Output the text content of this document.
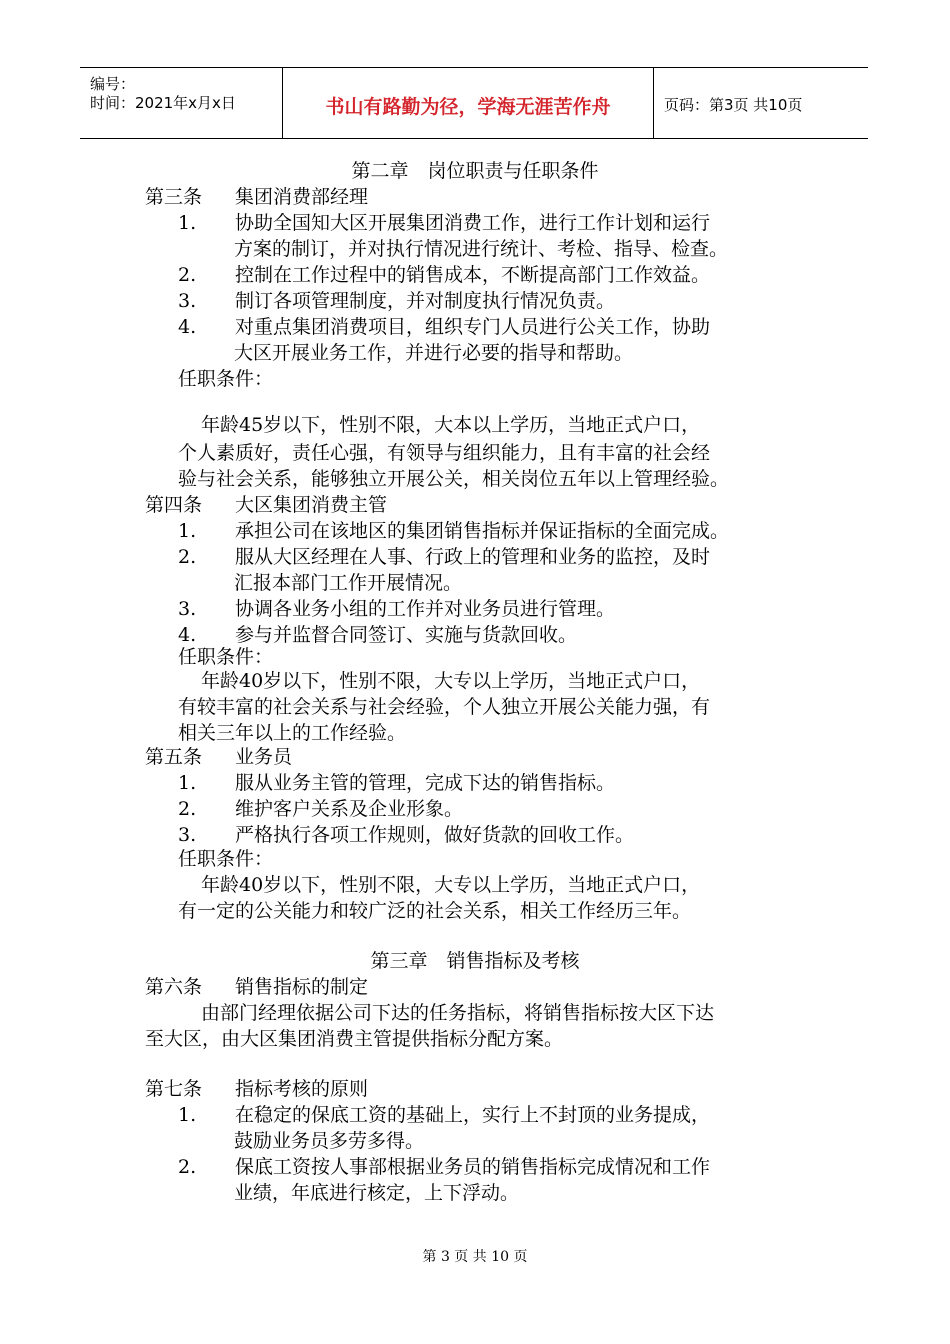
编号：
时间：2021年x月x日	书山有路勤为径，学海无涯苦作舟	页码：第3页 共10页
第二章　岗位职责与任职条件
第三条 集团消费部经理
1. 协助全国知大区开展集团消费工作，进行工作计划和运行
方案的制订，并对执行情况进行统计、考检、指导、检查。
2. 控制在工作过程中的销售成本，不断提高部门工作效益。
3. 制订各项管理制度，并对制度执行情况负责。
4. 对重点集团消费项目，组织专门人员进行公关工作，协助
大区开展业务工作，并进行必要的指导和帮助。
任职条件：
年龄45岁以下，性别不限，大本以上学历，当地正式户口，
个人素质好，责任心强，有领导与组织能力，且有丰富的社会经
验与社会关系，能够独立开展公关，相关岗位五年以上管理经验。
第四条 大区集团消费主管
1. 承担公司在该地区的集团销售指标并保证指标的全面完成。
2. 服从大区经理在人事、行政上的管理和业务的监控，及时
汇报本部门工作开展情况。
3. 协调各业务小组的工作并对业务员进行管理。
4. 参与并监督合同签订、实施与货款回收。
任职条件：
年龄40岁以下，性别不限，大专以上学历，当地正式户口，
有较丰富的社会关系与社会经验，个人独立开展公关能力强，有
相关三年以上的工作经验。
第五条 业务员
1. 服从业务主管的管理，完成下达的销售指标。
2. 维护客户关系及企业形象。
3. 严格执行各项工作规则，做好货款的回收工作。
任职条件：
年龄40岁以下，性别不限，大专以上学历，当地正式户口，
有一定的公关能力和较广泛的社会关系，相关工作经历三年。
第三章　销售指标及考核
第六条 销售指标的制定
由部门经理依据公司下达的任务指标，将销售指标按大区下达
至大区，由大区集团消费主管提供指标分配方案。
第七条 指标考核的原则
1. 在稳定的保底工资的基础上，实行上不封顶的业务提成，
鼓励业务员多劳多得。
2. 保底工资按人事部根据业务员的销售指标完成情况和工作
业绩，年底进行核定，上下浮动。
第 3 页 共 10 页
